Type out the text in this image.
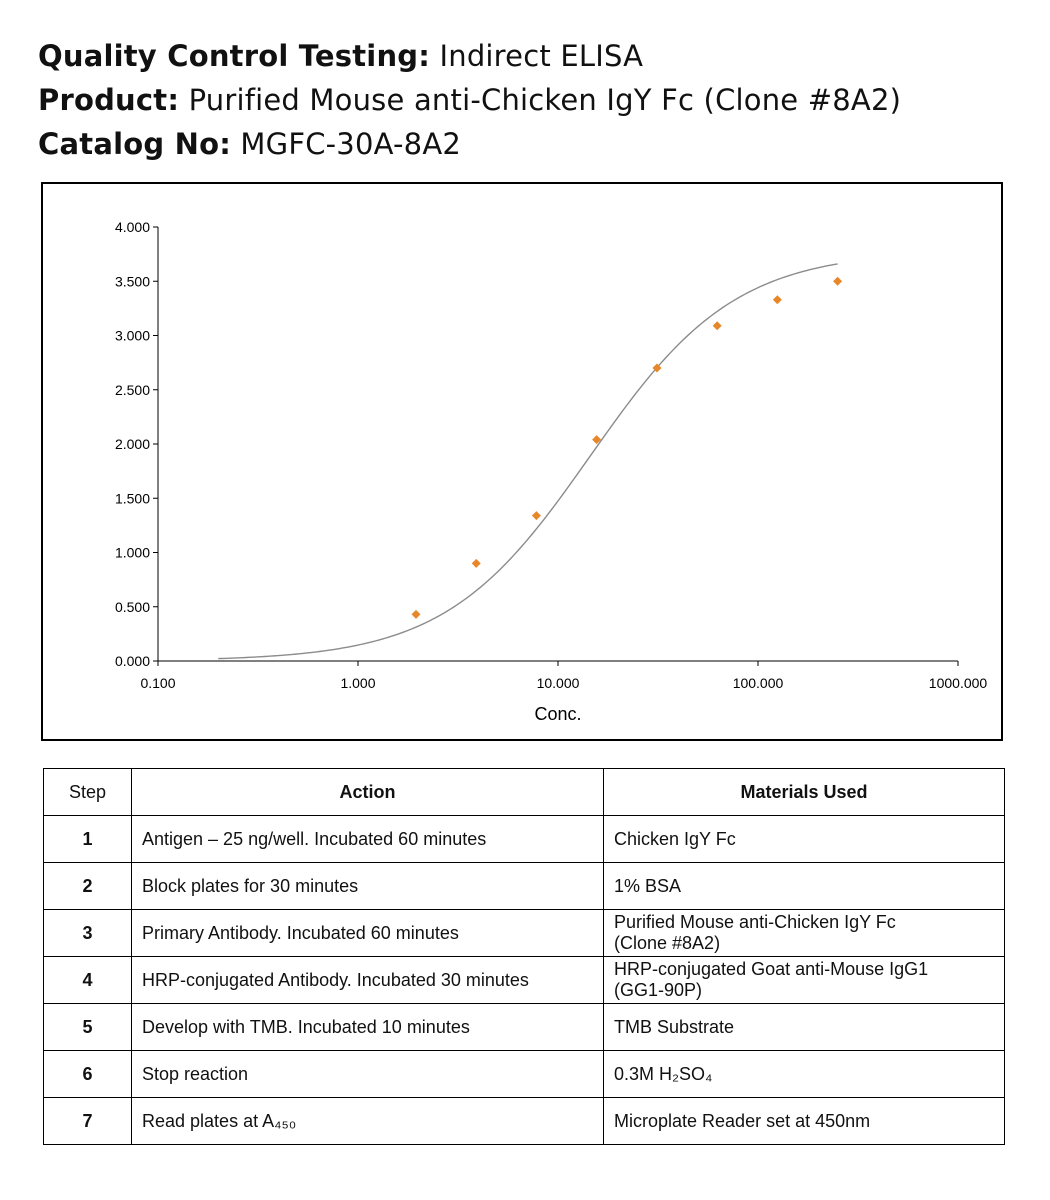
Quality Control Testing: Indirect ELISA
Product: Purified Mouse anti-Chicken IgY Fc (Clone #8A2)
Catalog No: MGFC-30A-8A2
0.000
0.500
1.000
1.500
2.000
2.500
3.000
3.500
4.000
0.100	1.000	10.000	100.000	1000.000
Conc.
Step	Action	Materials Used
1	Antigen – 25 ng/well. Incubated 60 minutes	Chicken IgY Fc
2	Block plates for 30 minutes	1% BSA
3	Primary Antibody. Incubated 60 minutes	Purified Mouse anti-Chicken IgY Fc
(Clone #8A2)
4	HRP-conjugated Antibody. Incubated 30 minutes	HRP-conjugated Goat anti-Mouse IgG1
(GG1-90P)
5	Develop with TMB. Incubated 10 minutes	TMB Substrate
6	Stop reaction	0.3M H₂SO₄
7	Read plates at A₄₅₀	Microplate Reader set at 450nm
